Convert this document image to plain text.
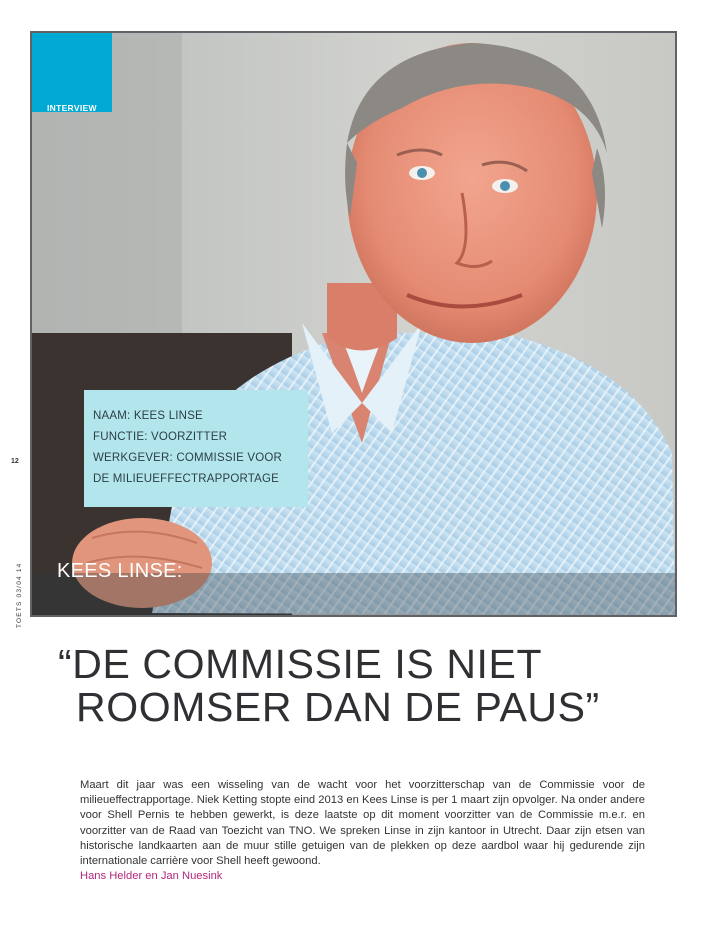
INTERVIEW
NAAM: KEES LINSE
FUNCTIE: VOORZITTER
WERKGEVER: COMMISSIE VOOR
DE MILIEUEFFECTRAPPORTAGE
KEES LINSE:
12
TOETS 03/04 14
“DE COMMISSIE IS NIET
ROOMSER DAN DE PAUS”

Maart dit jaar was een wisseling van de wacht voor het voorzitterschap van de Commissie voor de milieueffectrapportage. Niek Ketting stopte eind 2013 en Kees Linse is per 1 maart zijn opvolger. Na onder andere voor Shell Pernis te hebben gewerkt, is deze laatste op dit moment voorzitter van de Commissie m.e.r. en voorzitter van de Raad van Toezicht van TNO. We spreken Linse in zijn kantoor in Utrecht. Daar zijn etsen van historische landkaarten aan de muur stille getuigen van de plekken op deze aardbol waar hij gedurende zijn internationale carrière voor Shell heeft gewoond.

Hans Helder en Jan Nuesink
